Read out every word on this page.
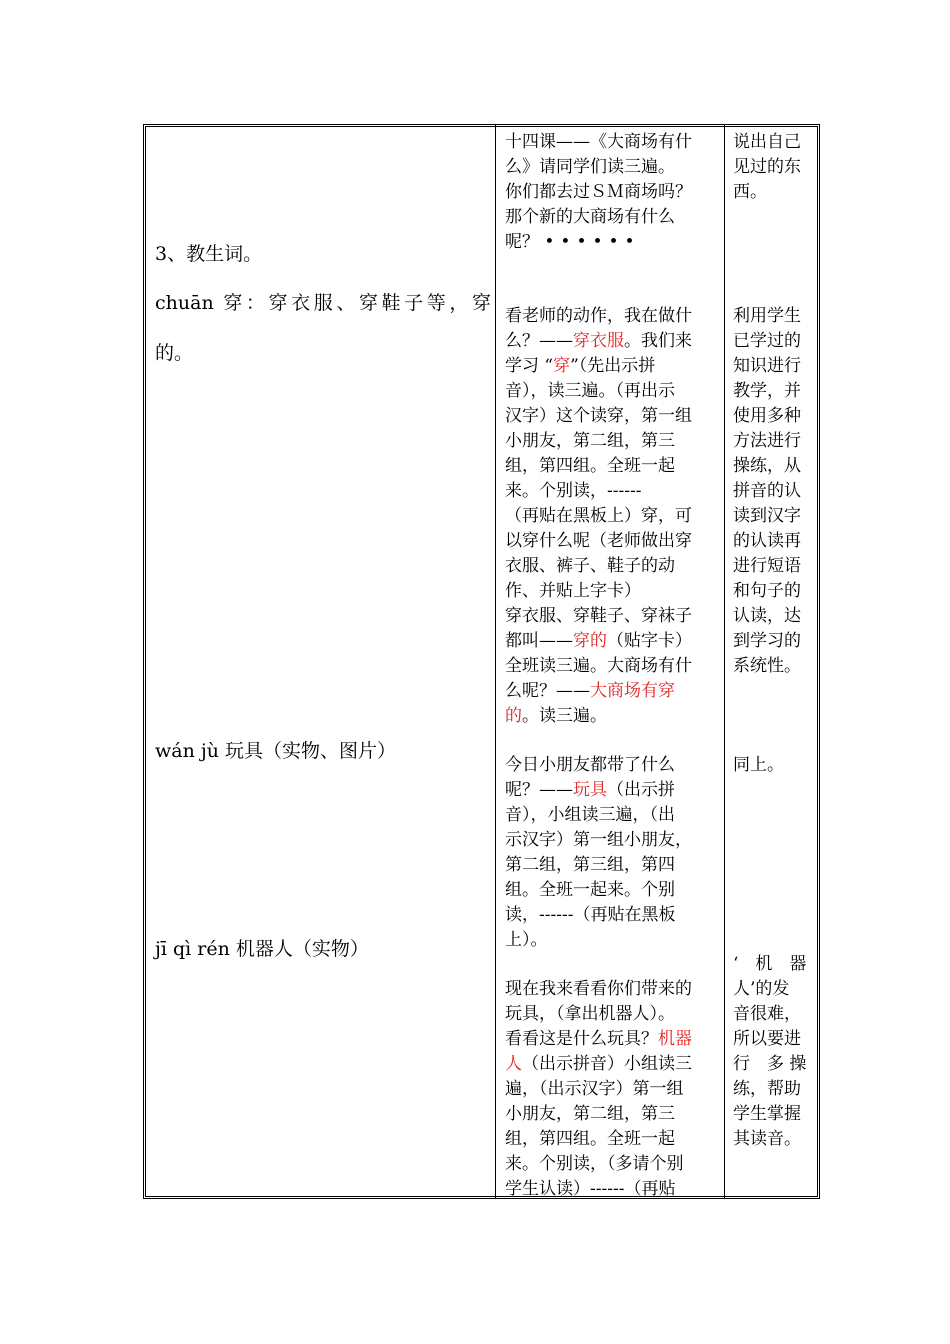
3、教生词。
chuān 穿：穿衣服、穿鞋子等，穿
的。
wán jù 玩具（实物、图片）
jī qì rén 机器人（实物）
十四课——《大商场有什
么》请同学们读三遍。
你们都去过ＳＭ商场吗？
那个新的大商场有什么
呢？ ••••••
看老师的动作，我在做什
么？——穿衣服。我们来
学习 “穿”（先出示拼
音），读三遍。（再出示
汉字）这个读穿，第一组
小朋友，第二组，第三
组，第四组。全班一起
来。个别读，------
（再贴在黑板上）穿，可
以穿什么呢（老师做出穿
衣服、裤子、鞋子的动
作、并贴上字卡）
穿衣服、穿鞋子、穿袜子
都叫——穿的（贴字卡）
全班读三遍。大商场有什
么呢？——大商场有穿
的。读三遍。
今日小朋友都带了什么
呢？——玩具（出示拼
音），小组读三遍，（出
示汉字）第一组小朋友，
第二组，第三组，第四
组。全班一起来。个别
读，------（再贴在黑板
上）。
现在我来看看你们带来的
玩具，（拿出机器人）。
看看这是什么玩具？机器
人（出示拼音）小组读三
遍，（出示汉字）第一组
小朋友，第二组，第三
组，第四组。全班一起
来。个别读，（多请个别
学生认读）------（再贴
说出自己
见过的东
西。
利用学生
已学过的
知识进行
教学，并
使用多种
方法进行
操练，从
拼音的认
读到汉字
的认读再
进行短语
和句子的
认读，达
到学习的
系统性。
同上。
‘　机　器
人’的发
音很难，
所以要进
行　多 操
练，帮助
学生掌握
其读音。
